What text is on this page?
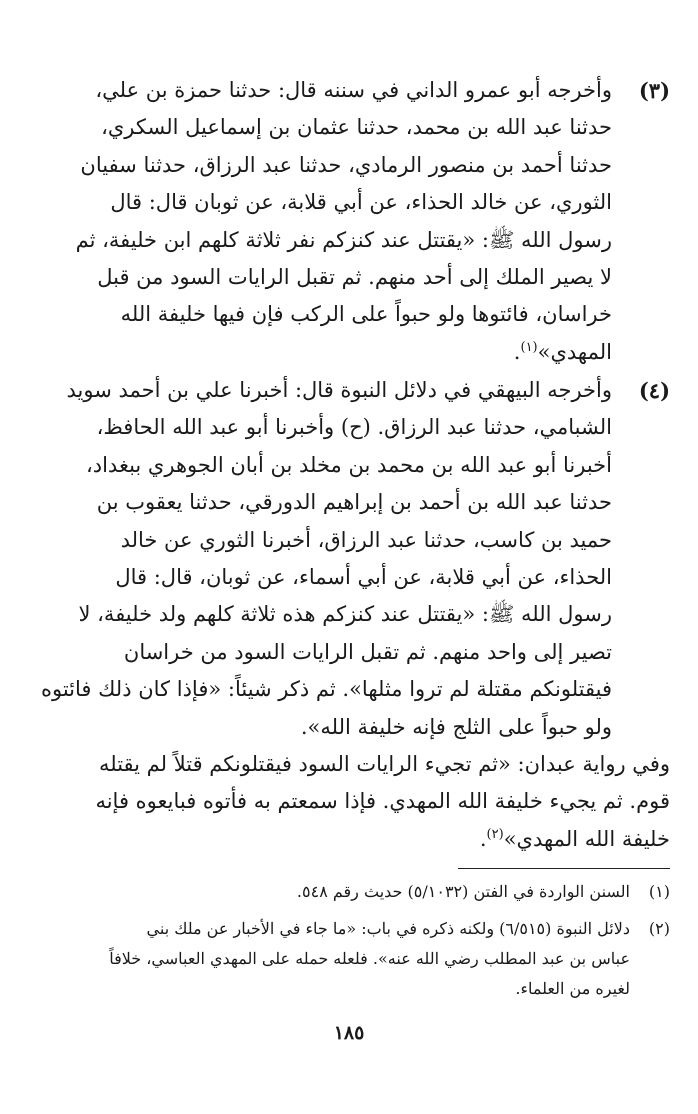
(٣)
وأخرجه أبو عمرو الداني في سننه قال: حدثنا حمزة بن علي،
حدثنا عبد الله بن محمد، حدثنا عثمان بن إسماعيل السكري،
حدثنا أحمد بن منصور الرمادي، حدثنا عبد الرزاق، حدثنا سفيان
الثوري، عن خالد الحذاء، عن أبي قلابة، عن ثوبان قال: قال
رسول الله ﷺ: «يقتتل عند كنزكم نفر ثلاثة كلهم ابن خليفة، ثم
لا يصير الملك إلى أحد منهم. ثم تقبل الرايات السود من قبل
خراسان، فائتوها ولو حبواً على الركب فإن فيها خليفة الله
المهدي»$^{(١)}$.
(٤)
وأخرجه البيهقي في دلائل النبوة قال: أخبرنا علي بن أحمد سويد
الشبامي، حدثنا عبد الرزاق. (ح) وأخبرنا أبو عبد الله الحافظ،
أخبرنا أبو عبد الله بن محمد بن مخلد بن أبان الجوهري ببغداد،
حدثنا عبد الله بن أحمد بن إبراهيم الدورقي، حدثنا يعقوب بن
حميد بن كاسب، حدثنا عبد الرزاق، أخبرنا الثوري عن خالد
الحذاء، عن أبي قلابة، عن أبي أسماء، عن ثوبان، قال: قال
رسول الله ﷺ: «يقتتل عند كنزكم هذه ثلاثة كلهم ولد خليفة، لا
تصير إلى واحد منهم. ثم تقبل الرايات السود من خراسان
فيقتلونكم مقتلة لم تروا مثلها». ثم ذكر شيئاً: «فإذا كان ذلك فائتوه
ولو حبواً على الثلج فإنه خليفة الله».
وفي رواية عبدان: «ثم تجيء الرايات السود فيقتلونكم قتلاً لم يقتله
قوم. ثم يجيء خليفة الله المهدي. فإذا سمعتم به فأتوه فبايعوه فإنه
خليفة الله المهدي»$^{(٢)}$.
(١)
السنن الواردة في الفتن (٥/١٠٣٢) حديث رقم ٥٤٨.
(٢)
دلائل النبوة (٦/٥١٥) ولكنه ذكره في باب: «ما جاء في الأخبار عن ملك بني
عباس بن عبد المطلب رضي الله عنه». فلعله حمله على المهدي العباسي، خلافاً
لغيره من العلماء.
١٨٥
